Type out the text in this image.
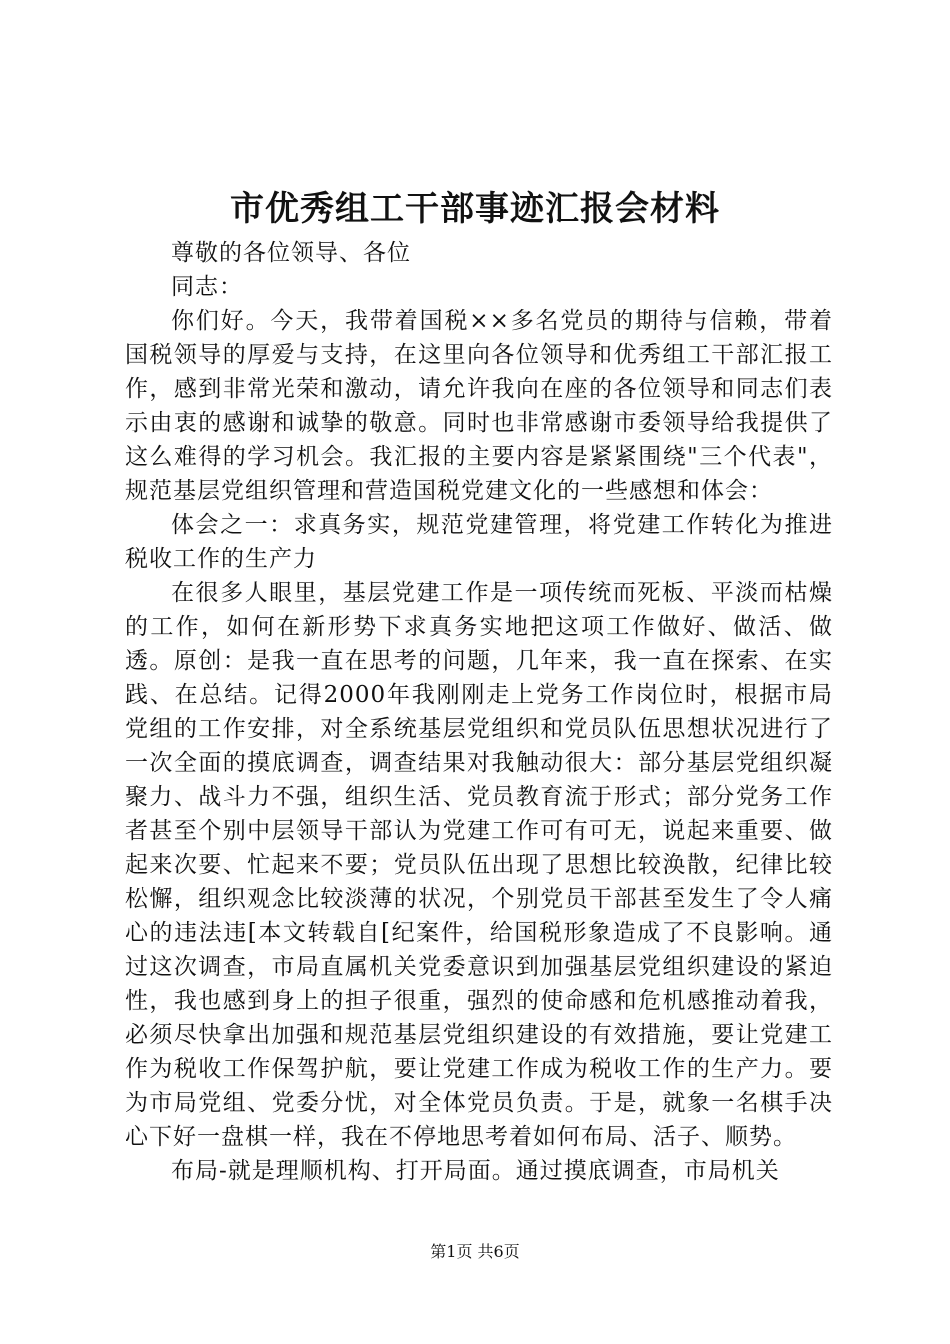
市优秀组工干部事迹汇报会材料

尊敬的各位领导、各位

同志：

你们好。今天，我带着国税××多名党员的期待与信赖，带着国税领导的厚爱与支持，在这里向各位领导和优秀组工干部汇报工作，感到非常光荣和激动，请允许我向在座的各位领导和同志们表示由衷的感谢和诚挚的敬意。同时也非常感谢市委领导给我提供了这么难得的学习机会。我汇报的主要内容是紧紧围绕"三个代表"，规范基层党组织管理和营造国税党建文化的一些感想和体会：

体会之一：求真务实，规范党建管理，将党建工作转化为推进税收工作的生产力

在很多人眼里，基层党建工作是一项传统而死板、平淡而枯燥的工作，如何在新形势下求真务实地把这项工作做好、做活、做透。原创：是我一直在思考的问题，几年来，我一直在探索、在实践、在总结。记得2000年我刚刚走上党务工作岗位时，根据市局党组的工作安排，对全系统基层党组织和党员队伍思想状况进行了一次全面的摸底调查，调查结果对我触动很大：部分基层党组织凝聚力、战斗力不强，组织生活、党员教育流于形式；部分党务工作者甚至个别中层领导干部认为党建工作可有可无，说起来重要、做起来次要、忙起来不要；党员队伍出现了思想比较涣散，纪律比较松懈，组织观念比较淡薄的状况，个别党员干部甚至发生了令人痛心的违法违[本文转载自[纪案件，给国税形象造成了不良影响。通过这次调查，市局直属机关党委意识到加强基层党组织建设的紧迫性，我也感到身上的担子很重，强烈的使命感和危机感推动着我，必须尽快拿出加强和规范基层党组织建设的有效措施，要让党建工作为税收工作保驾护航，要让党建工作成为税收工作的生产力。要为市局党组、党委分忧，对全体党员负责。于是，就象一名棋手决心下好一盘棋一样，我在不停地思考着如何布局、活子、顺势。

布局-就是理顺机构、打开局面。通过摸底调查，市局机关

第1页 共6页
